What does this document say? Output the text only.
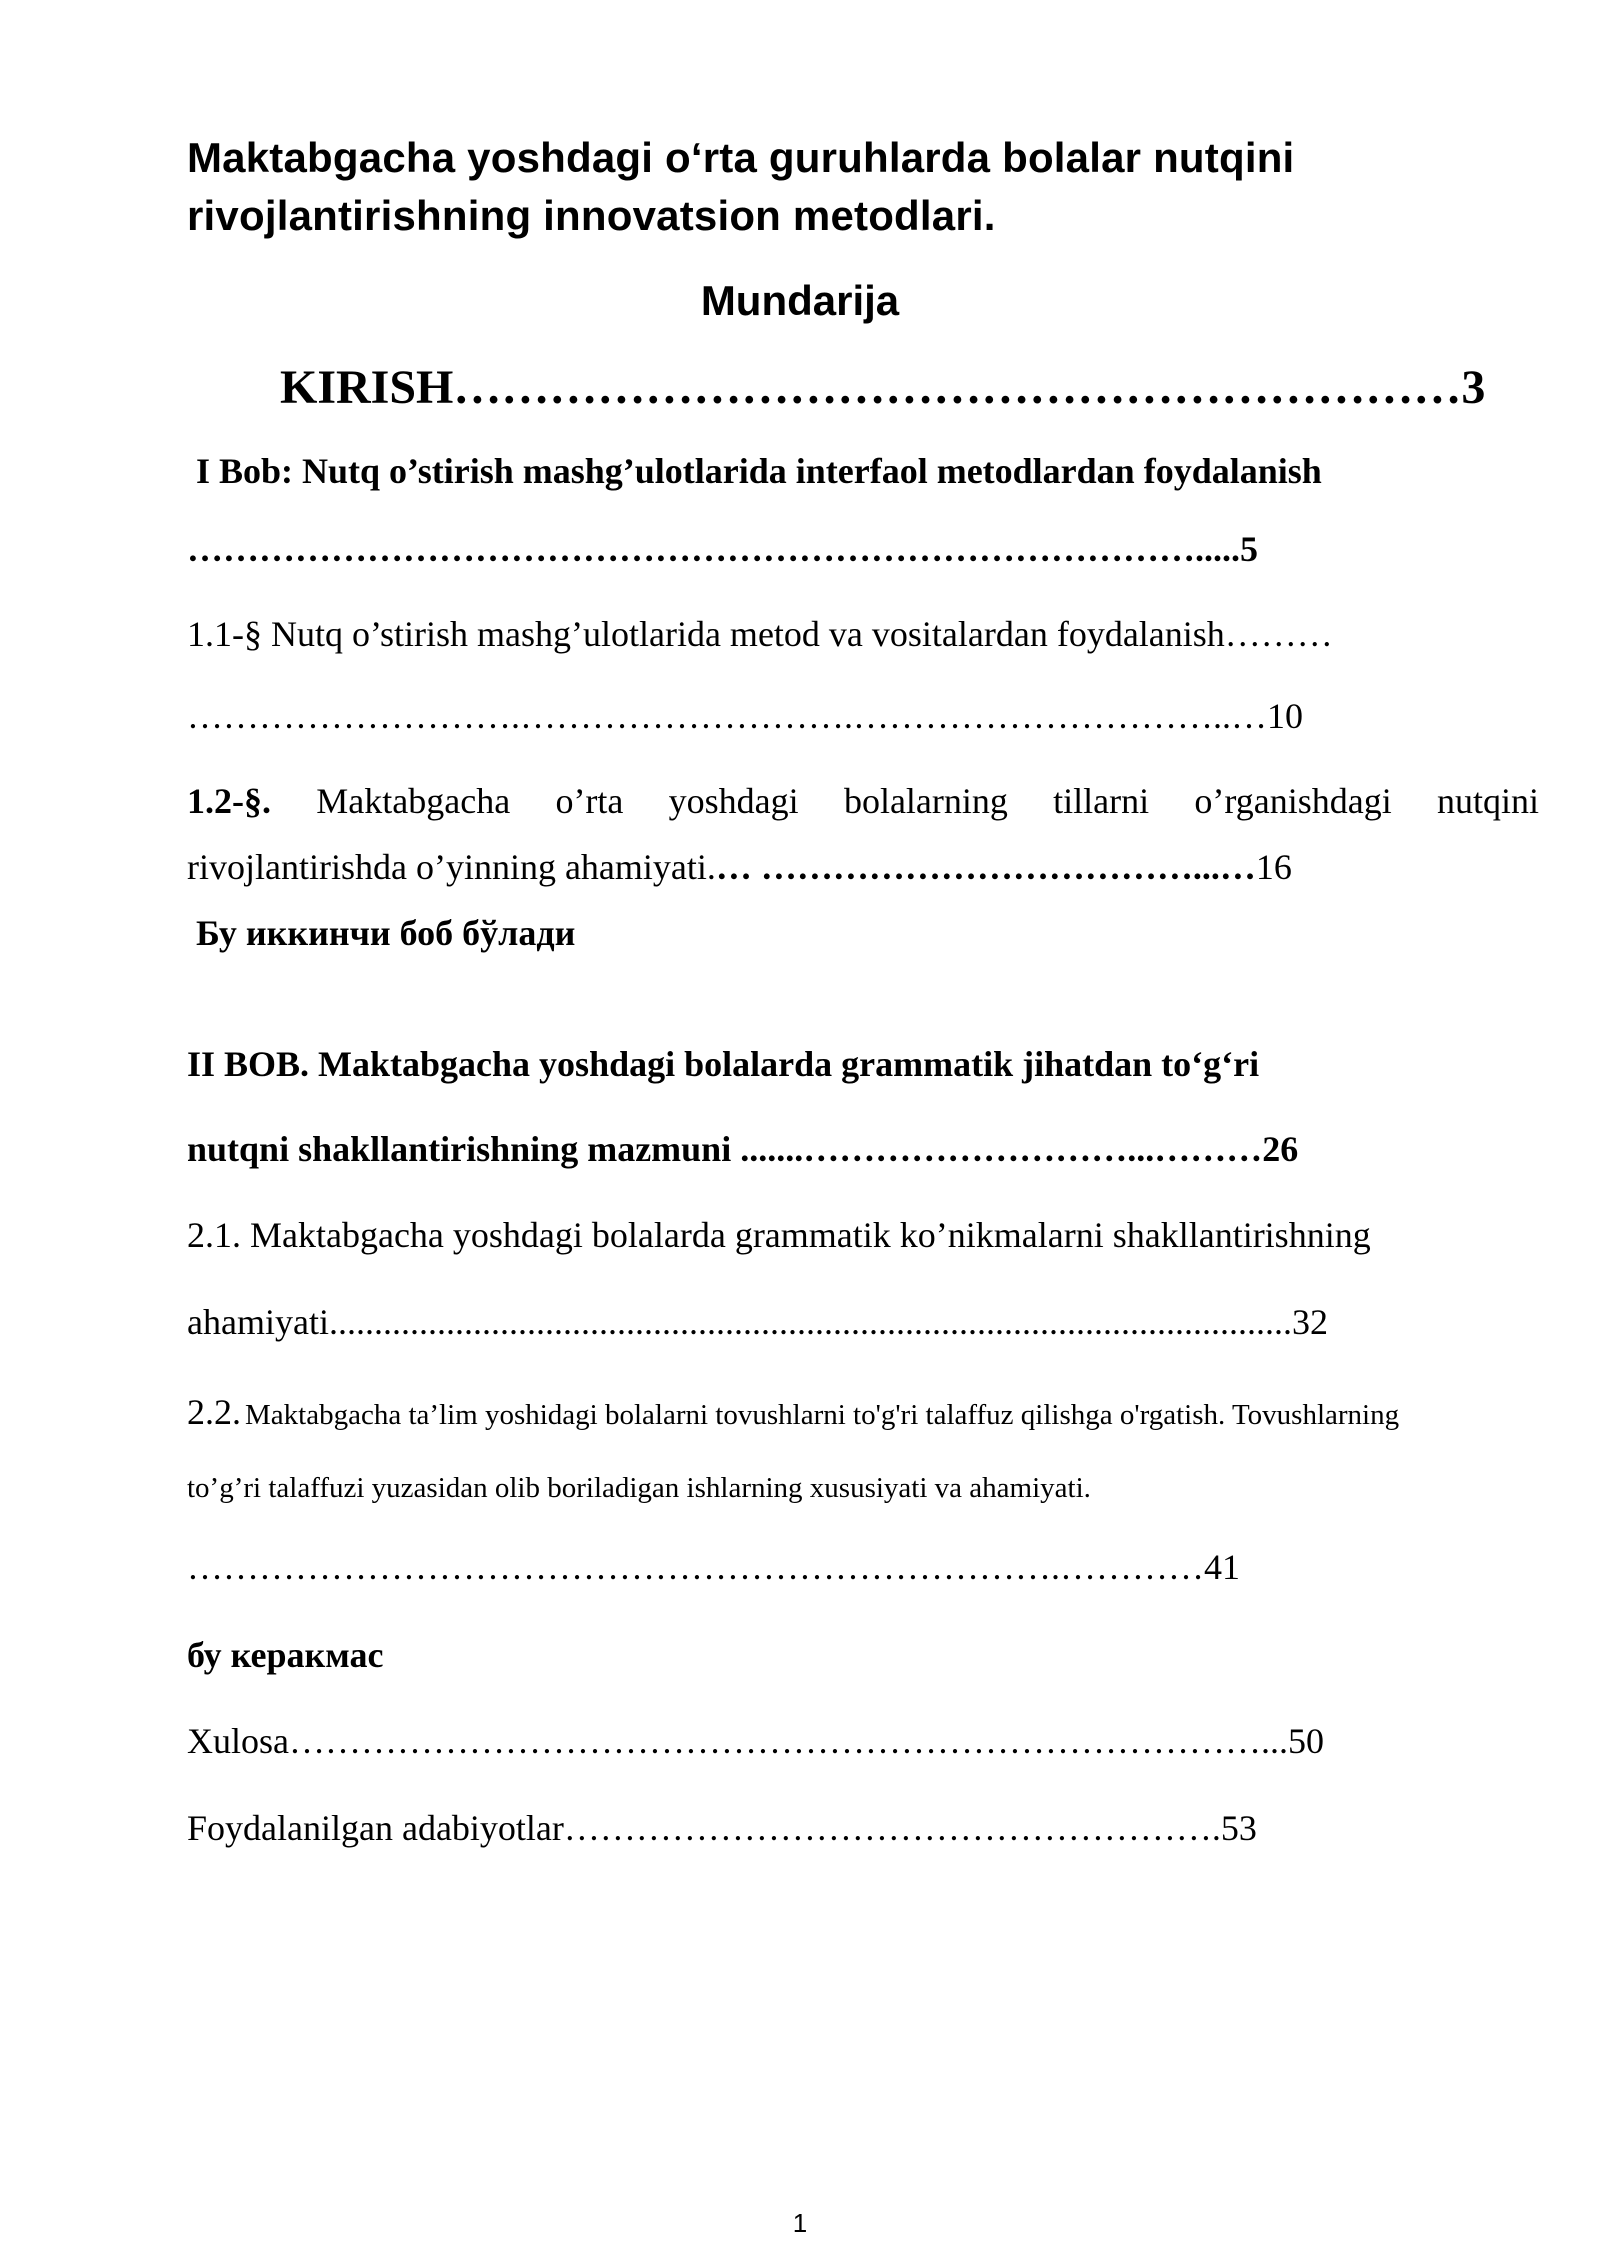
Maktabgacha yoshdagi o‘rta guruhlarda bolalar nutqini
rivojlantirishning innovatsion metodlari.
Mundarija
KIRISH………………………………………………………3
I Bob: Nutq o’stirish mashg’ulotlarida interfaol metodlardan foydalanish
………………………………………………………………………….....5
1.1-§ Nutq o’stirish mashg’ulotlarida metod va vositalardan foydalanish………
……………………….……………………….…………………………..…10
1.2-§. Maktabgacha o’rta yoshdagi bolalarning tillarni o’rganishdagi nutqini
rivojlantirishda o’yinning ahamiyati.… ………………………………...…16
Бу иккинчи боб бўлади
II BOB. Maktabgacha yoshdagi bolalarda grammatik jihatdan to‘g‘ri
nutqni shakllantirishning mazmuni .......………………………...………26
2.1. Maktabgacha yoshdagi bolalarda grammatik ko’nikmalarni shakllantirishning
ahamiyati...........................................................................................................32
2.2. Maktabgacha ta’lim yoshidagi bolalarni tovushlarni to'g'ri talaffuz qilishga o'rgatish. Tovushlarning
to’g’ri talaffuzi yuzasidan olib boriladigan ishlarning xususiyati va ahamiyati.
……………………………………………………………….…………41
бу керакмас
Xulosa………………………………………………………………………...50
Foydalanilgan adabiyotlar……………………………………………….53
1
